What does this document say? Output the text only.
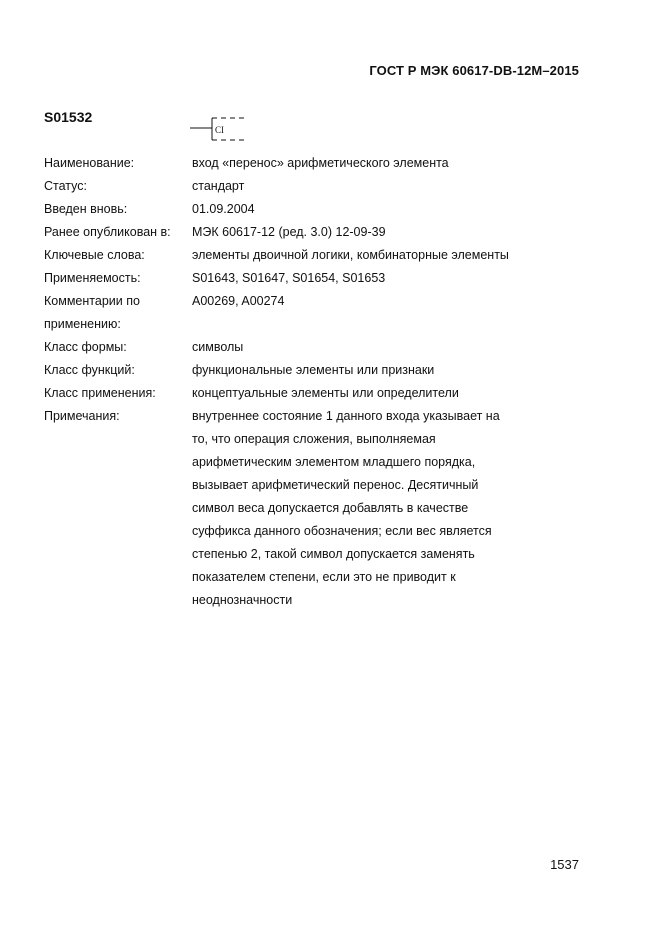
ГОСТ Р МЭК 60617-DB-12M–2015
S01532
CI
Наименование:	вход «перенос» арифметического элемента
Статус:	стандарт
Введен вновь:	01.09.2004
Ранее опубликован в:	МЭК 60617-12 (ред. 3.0) 12-09-39
Ключевые слова:	элементы двоичной логики, комбинаторные элементы
Применяемость:	S01643, S01647, S01654, S01653
Комментарии по
применению:
A00269, A00274
Класс формы:	символы
Класс функций:	функциональные элементы или признаки
Класс применения:	концептуальные элементы или определители
Примечания:	внутреннее состояние 1 данного входа указывает на
то, что операция сложения, выполняемая
арифметическим элементом младшего порядка,
вызывает арифметический перенос. Десятичный
символ веса допускается добавлять в качестве
суффикса данного обозначения; если вес является
степенью 2, такой символ допускается заменять
показателем степени, если это не приводит к
неоднозначности
1537
